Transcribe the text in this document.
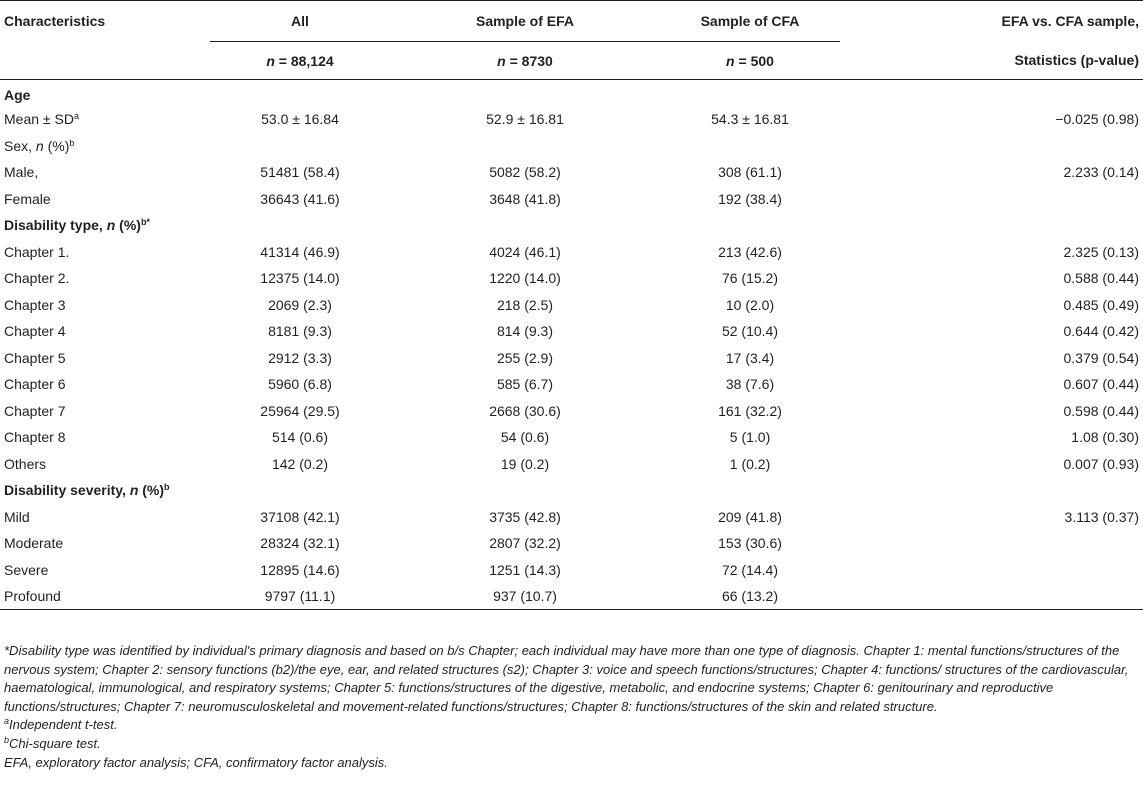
Characteristics	All	Sample of EFA	Sample of CFA	EFA vs. CFA sample,
	n = 88,124	n = 8730	n = 500	Statistics (p-value)
Age				
Mean ± $SD^a$	53.0 ± 16.84	52.9 ± 16.81	54.3 ± 16.81	−0.025 (0.98)
Sex, n (%)$^b$				
Male,	51481 (58.4)	5082 (58.2)	308 (61.1)	2.233 (0.14)
Female	36643 (41.6)	3648 (41.8)	192 (38.4)	
Disability type, n (%)$^{b*}$				
Chapter 1.	41314 (46.9)	4024 (46.1)	213 (42.6)	2.325 (0.13)
Chapter 2.	12375 (14.0)	1220 (14.0)	76 (15.2)	0.588 (0.44)
Chapter 3	2069 (2.3)	218 (2.5)	10 (2.0)	0.485 (0.49)
Chapter 4	8181 (9.3)	814 (9.3)	52 (10.4)	0.644 (0.42)
Chapter 5	2912 (3.3)	255 (2.9)	17 (3.4)	0.379 (0.54)
Chapter 6	5960 (6.8)	585 (6.7)	38 (7.6)	0.607 (0.44)
Chapter 7	25964 (29.5)	2668 (30.6)	161 (32.2)	0.598 (0.44)
Chapter 8	514 (0.6)	54 (0.6)	5 (1.0)	1.08 (0.30)
Others	142 (0.2)	19 (0.2)	1 (0.2)	0.007 (0.93)
Disability severity, n (%)$^b$				
Mild	37108 (42.1)	3735 (42.8)	209 (41.8)	3.113 (0.37)
Moderate	28324 (32.1)	2807 (32.2)	153 (30.6)	
Severe	12895 (14.6)	1251 (14.3)	72 (14.4)	
Profound	9797 (11.1)	937 (10.7)	66 (13.2)	

*Disability type was identified by individual's primary diagnosis and based on b/s Chapter; each individual may have more than one type of diagnosis. Chapter 1: mental functions/structures of the nervous system; Chapter 2: sensory functions (b2)/the eye, ear, and related structures (s2); Chapter 3: voice and speech functions/structures; Chapter 4: functions/ structures of the cardiovascular, haematological, immunological, and respiratory systems; Chapter 5: functions/structures of the digestive, metabolic, and endocrine systems; Chapter 6: genitourinary and reproductive functions/structures; Chapter 7: neuromusculoskeletal and movement-related functions/structures; Chapter 8: functions/structures of the skin and related structure.

$^a$Independent t-test.

$^b$Chi-square test.

EFA, exploratory factor analysis; CFA, confirmatory factor analysis.
